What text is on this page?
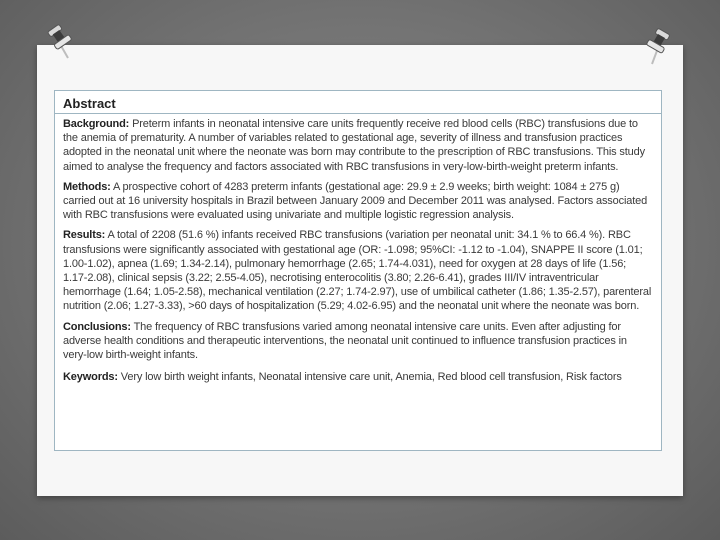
Abstract

Background: Preterm infants in neonatal intensive care units frequently receive red blood cells (RBC) transfusions due to the anemia of prematurity. A number of variables related to gestational age, severity of illness and transfusion practices adopted in the neonatal unit where the neonate was born may contribute to the prescription of RBC transfusions. This study aimed to analyse the frequency and factors associated with RBC transfusions in very-low-birth-weight preterm infants.

Methods: A prospective cohort of 4283 preterm infants (gestational age: 29.9 ± 2.9 weeks; birth weight: 1084 ± 275 g) carried out at 16 university hospitals in Brazil between January 2009 and December 2011 was analysed. Factors associated with RBC transfusions were evaluated using univariate and multiple logistic regression analysis.

Results: A total of 2208 (51.6 %) infants received RBC transfusions (variation per neonatal unit: 34.1 % to 66.4 %). RBC transfusions were significantly associated with gestational age (OR: -1.098; 95%CI: -1.12 to -1.04), SNAPPE II score (1.01; 1.00-1.02), apnea (1.69; 1.34-2.14), pulmonary hemorrhage (2.65; 1.74-4.031), need for oxygen at 28 days of life (1.56; 1.17-2.08), clinical sepsis (3.22; 2.55-4.05), necrotising enterocolitis (3.80; 2.26-6.41), grades III/IV intraventricular hemorrhage (1.64; 1.05-2.58), mechanical ventilation (2.27; 1.74-2.97), use of umbilical catheter (1.86; 1.35-2.57), parenteral nutrition (2.06; 1.27-3.33), >60 days of hospitalization (5.29; 4.02-6.95) and the neonatal unit where the neonate was born.

Conclusions: The frequency of RBC transfusions varied among neonatal intensive care units. Even after adjusting for adverse health conditions and therapeutic interventions, the neonatal unit continued to influence transfusion practices in very-low birth-weight infants.

Keywords: Very low birth weight infants, Neonatal intensive care unit, Anemia, Red blood cell transfusion, Risk factors
